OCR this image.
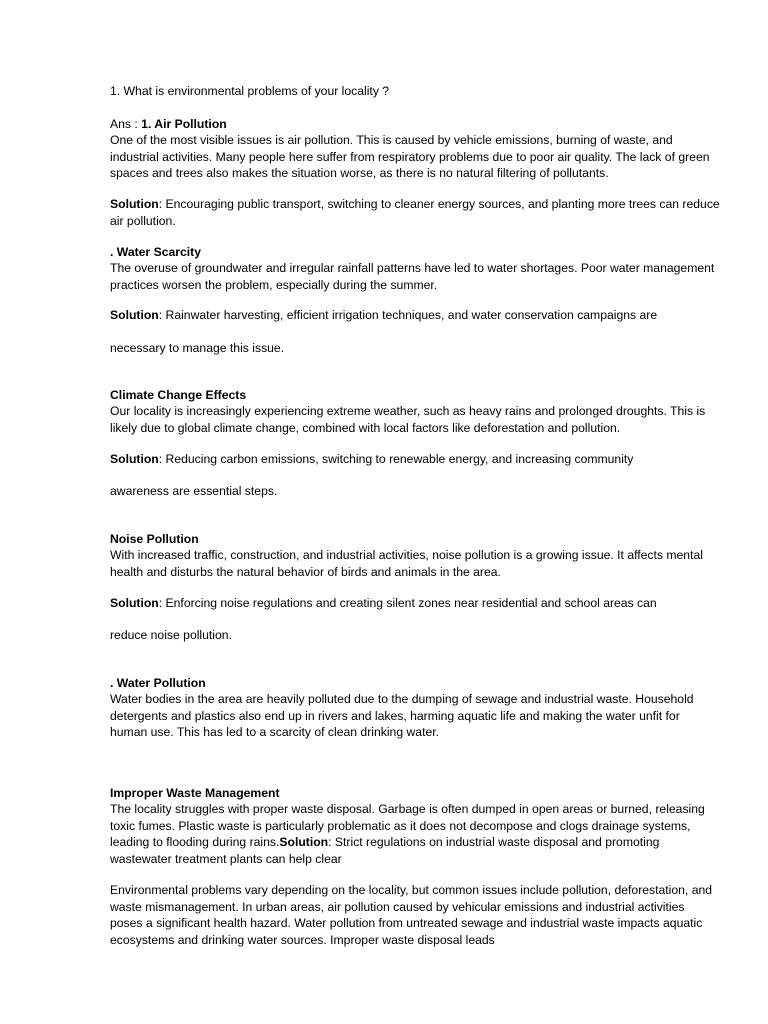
1. What is environmental problems of your locality ?

Ans : 1. Air Pollution

One of the most visible issues is air pollution. This is caused by vehicle emissions, burning of waste, and industrial activities. Many people here suffer from respiratory problems due to poor air quality. The lack of green spaces and trees also makes the situation worse, as there is no natural filtering of pollutants.

Solution: Encouraging public transport, switching to cleaner energy sources, and planting more trees can reduce air pollution.

. Water Scarcity

The overuse of groundwater and irregular rainfall patterns have led to water shortages. Poor water management practices worsen the problem, especially during the summer.

Solution: Rainwater harvesting, efficient irrigation techniques, and water conservation campaigns are

necessary to manage this issue.

Climate Change Effects

Our locality is increasingly experiencing extreme weather, such as heavy rains and prolonged droughts. This is likely due to global climate change, combined with local factors like deforestation and pollution.

Solution: Reducing carbon emissions, switching to renewable energy, and increasing community

awareness are essential steps.

Noise Pollution

With increased traffic, construction, and industrial activities, noise pollution is a growing issue. It affects mental health and disturbs the natural behavior of birds and animals in the area.

Solution: Enforcing noise regulations and creating silent zones near residential and school areas can

reduce noise pollution.

. Water Pollution

Water bodies in the area are heavily polluted due to the dumping of sewage and industrial waste. Household detergents and plastics also end up in rivers and lakes, harming aquatic life and making the water unfit for human use. This has led to a scarcity of clean drinking water.

Improper Waste Management

The locality struggles with proper waste disposal. Garbage is often dumped in open areas or burned, releasing toxic fumes. Plastic waste is particularly problematic as it does not decompose and clogs drainage systems, leading to flooding during rains.Solution: Strict regulations on industrial waste disposal and promoting wastewater treatment plants can help clear

Environmental problems vary depending on the locality, but common issues include pollution, deforestation, and waste mismanagement. In urban areas, air pollution caused by vehicular emissions and industrial activities poses a significant health hazard. Water pollution from untreated sewage and industrial waste impacts aquatic ecosystems and drinking water sources. Improper waste disposal leads
